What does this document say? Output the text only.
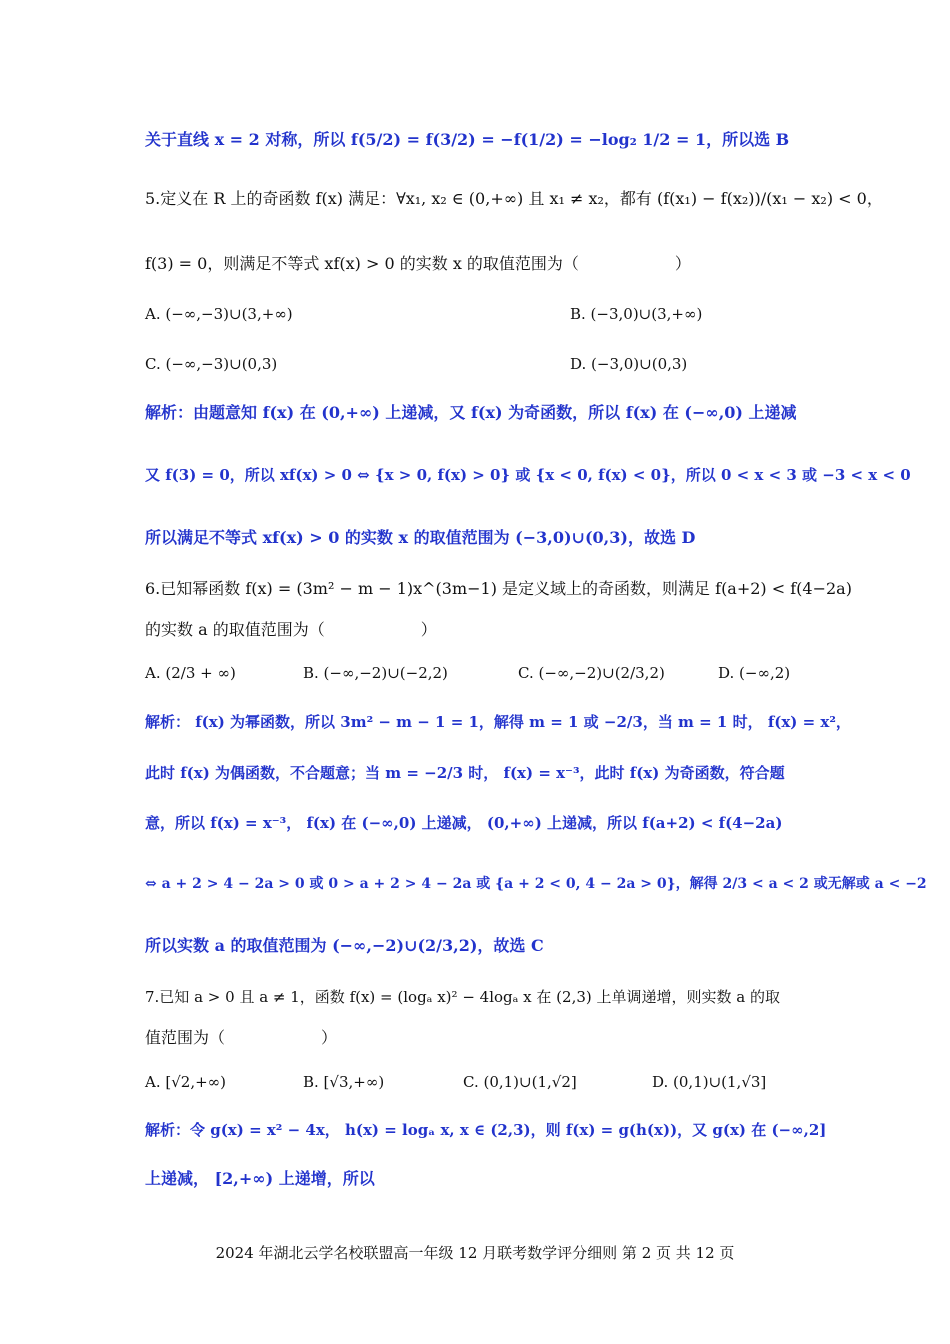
关于直线 x = 2 对称，所以 f(5/2) = f(3/2) = −f(1/2) = −log₂ 1/2 = 1，所以选 B
5.定义在 R 上的奇函数 f(x) 满足：∀x₁, x₂ ∈ (0,+∞) 且 x₁ ≠ x₂，都有 (f(x₁) − f(x₂))/(x₁ − x₂) < 0，
f(3) = 0，则满足不等式 xf(x) > 0 的实数 x 的取值范围为（　　　　　　）
A. (−∞,−3)∪(3,+∞)	B. (−3,0)∪(3,+∞)
C. (−∞,−3)∪(0,3)	D. (−3,0)∪(0,3)
解析：由题意知 f(x) 在 (0,+∞) 上递减，又 f(x) 为奇函数，所以 f(x) 在 (−∞,0) 上递减
又 f(3) = 0，所以 xf(x) > 0 ⇔ {x > 0, f(x) > 0} 或 {x < 0, f(x) < 0}，所以 0 < x < 3 或 −3 < x < 0
所以满足不等式 xf(x) > 0 的实数 x 的取值范围为 (−3,0)∪(0,3)，故选 D
6.已知幂函数 f(x) = (3m² − m − 1)x^(3m−1) 是定义域上的奇函数，则满足 f(a+2) < f(4−2a)
的实数 a 的取值范围为（　　　　　　）
A. (2/3 + ∞)	B. (−∞,−2)∪(−2,2)	C. (−∞,−2)∪(2/3,2)	D. (−∞,2)
解析： f(x) 为幂函数，所以 3m² − m − 1 = 1，解得 m = 1 或 −2/3，当 m = 1 时， f(x) = x²，
此时 f(x) 为偶函数，不合题意；当 m = −2/3 时， f(x) = x⁻³，此时 f(x) 为奇函数，符合题
意，所以 f(x) = x⁻³， f(x) 在 (−∞,0) 上递减， (0,+∞) 上递减，所以 f(a+2) < f(4−2a)
⇔ a + 2 > 4 − 2a > 0 或 0 > a + 2 > 4 − 2a 或 {a + 2 < 0, 4 − 2a > 0}，解得 2/3 < a < 2 或无解或 a < −2
所以实数 a 的取值范围为 (−∞,−2)∪(2/3,2)，故选 C
7.已知 a > 0 且 a ≠ 1，函数 f(x) = (logₐ x)² − 4logₐ x 在 (2,3) 上单调递增，则实数 a 的取
值范围为（　　　　　　）
A. [√2,+∞)	B. [√3,+∞)	C. (0,1)∪(1,√2]	D. (0,1)∪(1,√3]
解析：令 g(x) = x² − 4x， h(x) = logₐ x, x ∈ (2,3)，则 f(x) = g(h(x))，又 g(x) 在 (−∞,2]
上递减， [2,+∞) 上递增，所以
2024 年湖北云学名校联盟高一年级 12 月联考数学评分细则 第 2 页 共 12 页
